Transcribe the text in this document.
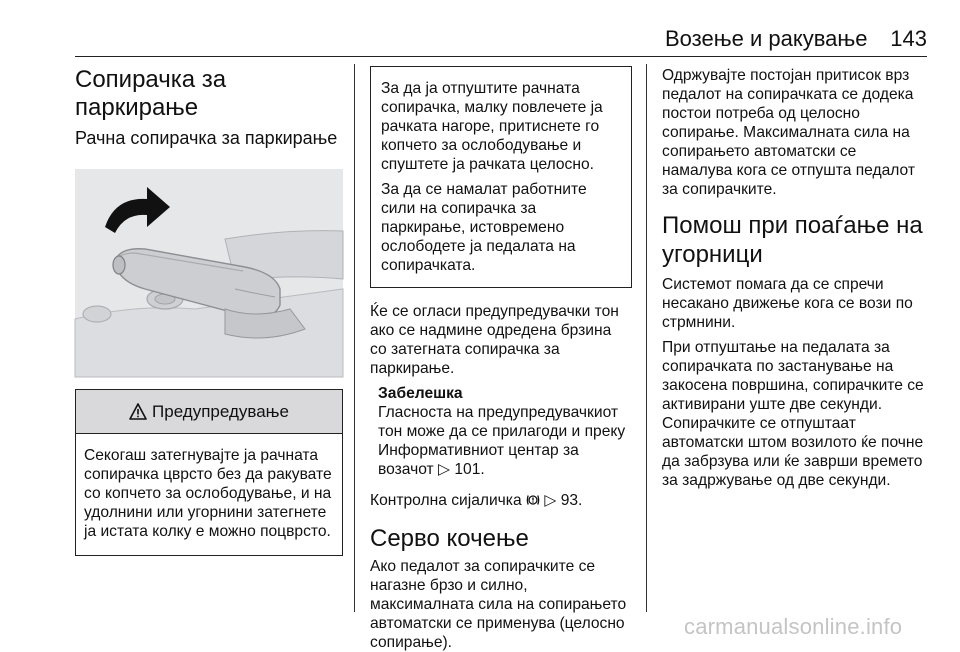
Возење и ракување 143
Сопирачка за паркирање
Рачна сопирачка за паркирање
Предупредување

Секогаш затегнувајте ја рачната сопирачка цврсто без да ракувате со копчето за ослободување, и на удолнини или угорнини затегнете ја истата колку е можно поцврсто.

За да ја отпуштите рачната сопирачка, малку повлечете ја рачката нагоре, притиснете го копчето за ослободување и спуштете ја рачката целосно.

За да се намалат работните сили на сопирачка за паркирање, истовремено ослободете ја педалата на сопирачката.

Ќе се огласи предупредувачки тон ако се надмине одредена брзина со затегната сопирачка за паркирање.

Забелешка

Гласноста на предупредувачкиот тон може да се прилагоди и преку Информативниот центар за возачот ▷ 101.

Контролна сијаличка ▷ 93.

Серво кочење

Ако педалот за сопирачките се нагазне брзо и силно, максималната сила на сопирањето автоматски се применува (целосно сопирање).

Одржувајте постојан притисок врз педалот на сопирачката се додека постои потреба од целосно сопирање. Максималната сила на сопирањето автоматски се намалува кога се отпушта педалот за сопирачките.

Помош при поаѓање на угорници

Системот помага да се спречи несакано движење кога се вози по стрмнини.

При отпуштање на педалата за сопирачката по застанување на закосена површина, сопирачките се активирани уште две секунди. Сопирачките се отпуштаат автоматски штом возилото ќе почне да забрзува или ќе заврши времето за задржување од две секунди.

carmanualsonline.info
